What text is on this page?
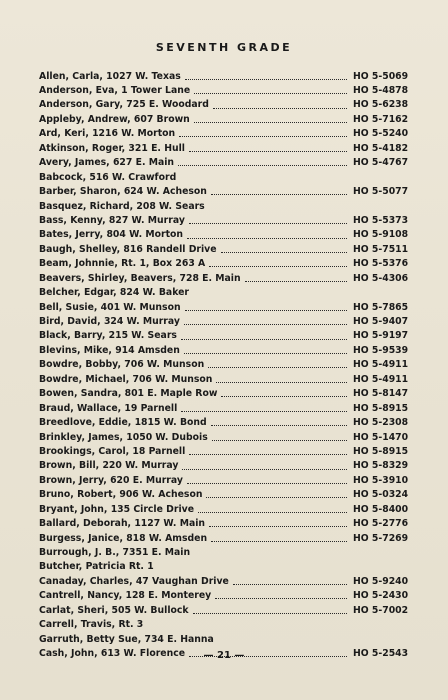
SEVENTH GRADE
Allen, Carla, 1027 W. Texas	HO 5-5069
Anderson, Eva, 1 Tower Lane	HO 5-4878
Anderson, Gary, 725 E. Woodard	HO 5-6238
Appleby, Andrew, 607 Brown	HO 5-7162
Ard, Keri, 1216 W. Morton	HO 5-5240
Atkinson, Roger, 321 E. Hull	HO 5-4182
Avery, James, 627 E. Main	HO 5-4767
Babcock, 516 W. Crawford
Barber, Sharon, 624 W. Acheson	HO 5-5077
Basquez, Richard, 208 W. Sears
Bass, Kenny, 827 W. Murray	HO 5-5373
Bates, Jerry, 804 W. Morton	HO 5-9108
Baugh, Shelley, 816 Randell Drive	HO 5-7511
Beam, Johnnie, Rt. 1, Box 263 A	HO 5-5376
Beavers, Shirley, Beavers, 728 E. Main	HO 5-4306
Belcher, Edgar, 824 W. Baker
Bell, Susie, 401 W. Munson	HO 5-7865
Bird, David, 324 W. Murray	HO 5-9407
Black, Barry, 215 W. Sears	HO 5-9197
Blevins, Mike, 914 Amsden	HO 5-9539
Bowdre, Bobby, 706 W. Munson	HO 5-4911
Bowdre, Michael, 706 W. Munson	HO 5-4911
Bowen, Sandra, 801 E. Maple Row	HO 5-8147
Braud, Wallace, 19 Parnell	HO 5-8915
Breedlove, Eddie, 1815 W. Bond	HO 5-2308
Brinkley, James, 1050 W. Dubois	HO 5-1470
Brookings, Carol, 18 Parnell	HO 5-8915
Brown, Bill, 220 W. Murray	HO 5-8329
Brown, Jerry, 620 E. Murray	HO 5-3910
Bruno, Robert, 906 W. Acheson	HO 5-0324
Bryant, John, 135 Circle Drive	HO 5-8400
Ballard, Deborah, 1127 W. Main	HO 5-2776
Burgess, Janice, 818 W. Amsden	HO 5-7269
Burrough, J. B., 7351 E. Main
Butcher, Patricia Rt. 1
Canaday, Charles, 47 Vaughan Drive	HO 5-9240
Cantrell, Nancy, 128 E. Monterey	HO 5-2430
Carlat, Sheri, 505 W. Bullock	HO 5-7002
Carrell, Travis, Rt. 3
Garruth, Betty Sue, 734 E. Hanna
Cash, John, 613 W. Florence	HO 5-2543
— 21 —
